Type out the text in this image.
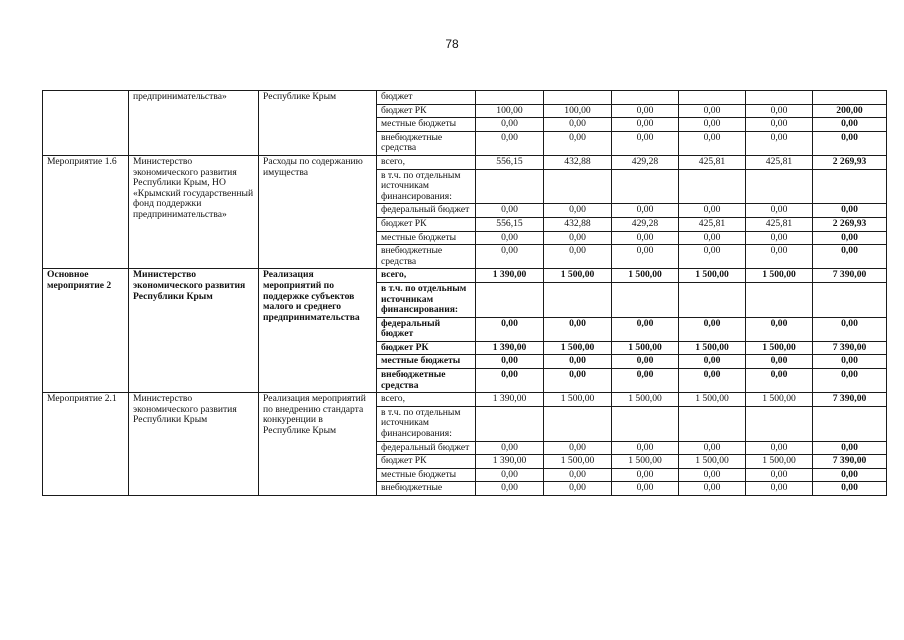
78
	предпринимательства»	Республике Крым	бюджет						
			бюджет РК	100,00	100,00	0,00	0,00	0,00	200,00
			местные бюджеты	0,00	0,00	0,00	0,00	0,00	0,00
			внебюджетные средства	0,00	0,00	0,00	0,00	0,00	0,00
Мероприятие 1.6	Министерство экономического развития Республики Крым, НО «Крымский государственный фонд поддержки предпринимательства»	Расходы по содержанию имущества	всего,	556,15	432,88	429,28	425,81	425,81	2 269,93
			в т.ч. по отдельным источникам финансирования:						
			федеральный бюджет	0,00	0,00	0,00	0,00	0,00	0,00
			бюджет РК	556,15	432,88	429,28	425,81	425,81	2 269,93
			местные бюджеты	0,00	0,00	0,00	0,00	0,00	0,00
			внебюджетные средства	0,00	0,00	0,00	0,00	0,00	0,00
Основное мероприятие 2	Министерство экономического развития Республики Крым	Реализация мероприятий по поддержке субъектов малого и среднего предпринимательства	всего,	1 390,00	1 500,00	1 500,00	1 500,00	1 500,00	7 390,00
			в т.ч. по отдельным источникам финансирования:						
			федеральный бюджет	0,00	0,00	0,00	0,00	0,00	0,00
			бюджет РК	1 390,00	1 500,00	1 500,00	1 500,00	1 500,00	7 390,00
			местные бюджеты	0,00	0,00	0,00	0,00	0,00	0,00
			внебюджетные средства	0,00	0,00	0,00	0,00	0,00	0,00
Мероприятие 2.1	Министерство экономического развития Республики Крым	Реализация мероприятий по внедрению стандарта конкуренции в Республике Крым	всего,	1 390,00	1 500,00	1 500,00	1 500,00	1 500,00	7 390,00
			в т.ч. по отдельным источникам финансирования:						
			федеральный бюджет	0,00	0,00	0,00	0,00	0,00	0,00
			бюджет РК	1 390,00	1 500,00	1 500,00	1 500,00	1 500,00	7 390,00
			местные бюджеты	0,00	0,00	0,00	0,00	0,00	0,00
			внебюджетные	0,00	0,00	0,00	0,00	0,00	0,00
